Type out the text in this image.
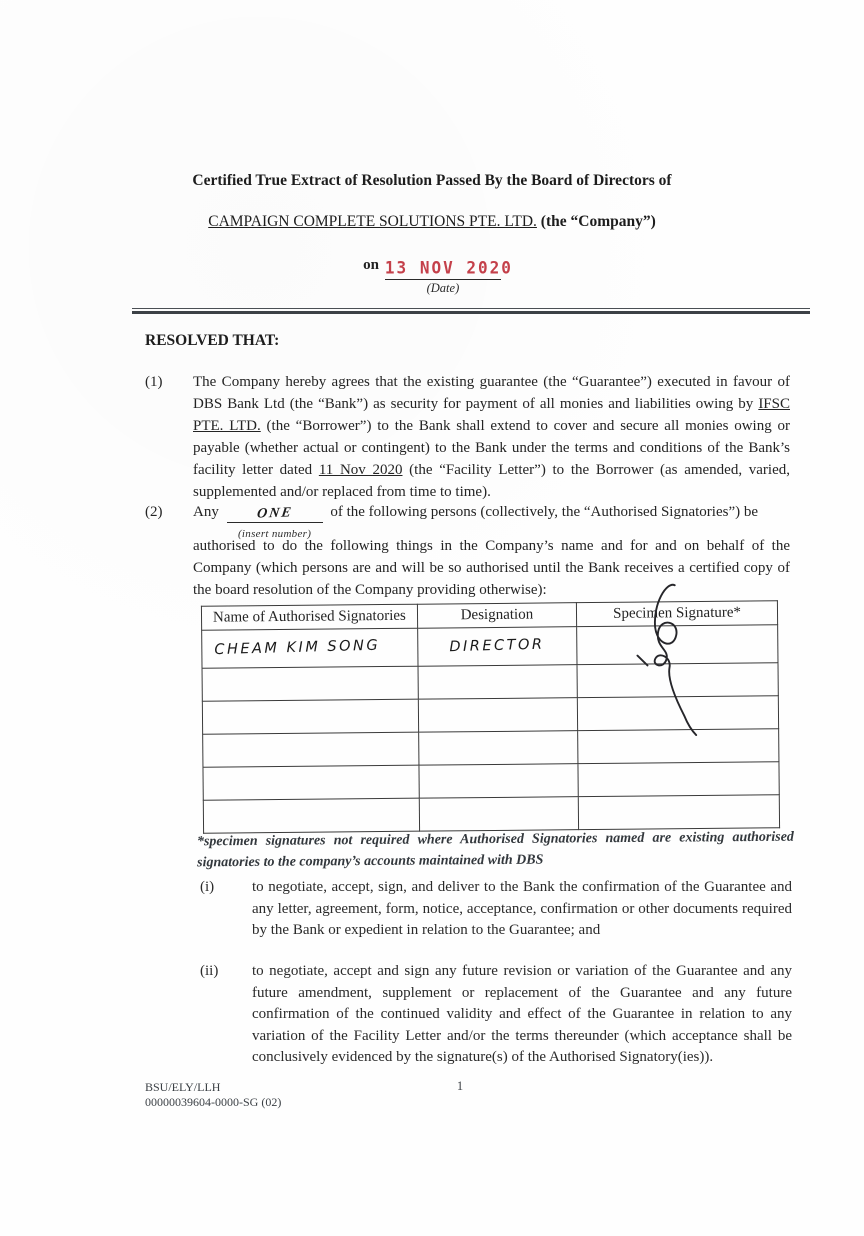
Certified True Extract of Resolution Passed By the Board of Directors of
CAMPAIGN COMPLETE SOLUTIONS PTE. LTD. (the “Company”)
on 13 NOV 2020
(Date)
RESOLVED THAT:
(1)	The Company hereby agrees that the existing guarantee (the “Guarantee”) executed in favour of DBS Bank Ltd (the “Bank”) as security for payment of all monies and liabilities owing by IFSC PTE. LTD. (the “Borrower”) to the Bank shall extend to cover and secure all monies owing or payable (whether actual or contingent) to the Bank under the terms and conditions of the Bank’s facility letter dated 11 Nov 2020 (the “Facility Letter”) to the Borrower (as amended, varied, supplemented and/or replaced from time to time).
(2)	Any	ONE
(insert number)
of the following persons (collectively, the “Authorised Signatories”) be
authorised to do the following things in the Company’s name and for and on behalf of the Company (which persons are and will be so authorised until the Bank receives a certified copy of the board resolution of the Company providing otherwise):
Name of Authorised Signatories	Designation	Specimen Signature*
CHEAM KIM SONG	DIRECTOR	

*specimen signatures not required where Authorised Signatories named are existing authorised signatories to the company’s accounts maintained with DBS
(i)	to negotiate, accept, sign, and deliver to the Bank the confirmation of the Guarantee and any letter, agreement, form, notice, acceptance, confirmation or other documents required by the Bank or expedient in relation to the Guarantee; and
(ii)	to negotiate, accept and sign any future revision or variation of the Guarantee and any future amendment, supplement or replacement of the Guarantee and any future confirmation of the continued validity and effect of the Guarantee in relation to any variation of the Facility Letter and/or the terms thereunder (which acceptance shall be conclusively evidenced by the signature(s) of the Authorised Signatory(ies)).
BSU/ELY/LLH
00000039604-0000-SG (02)
1
